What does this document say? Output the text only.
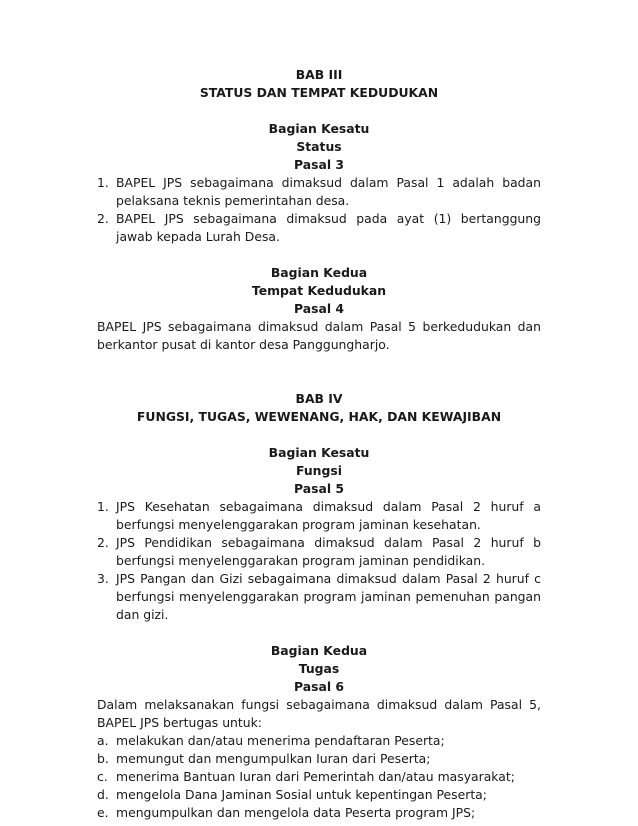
BAB III
STATUS DAN TEMPAT KEDUDUKAN
Bagian Kesatu
Status
Pasal 3
1. BAPEL JPS sebagaimana dimaksud dalam Pasal 1 adalah badan pelaksana teknis pemerintahan desa.
2. BAPEL JPS sebagaimana dimaksud pada ayat (1) bertanggung jawab kepada Lurah Desa.
Bagian Kedua
Tempat Kedudukan
Pasal 4
BAPEL JPS sebagaimana dimaksud dalam Pasal 5 berkedudukan dan berkantor pusat di kantor desa Panggungharjo.
BAB IV
FUNGSI, TUGAS, WEWENANG, HAK, DAN KEWAJIBAN
Bagian Kesatu
Fungsi
Pasal 5
1. JPS Kesehatan sebagaimana dimaksud dalam Pasal 2 huruf a berfungsi menyelenggarakan program jaminan kesehatan.
2. JPS Pendidikan sebagaimana dimaksud dalam Pasal 2 huruf b berfungsi menyelenggarakan program jaminan pendidikan.
3. JPS Pangan dan Gizi sebagaimana dimaksud dalam Pasal 2 huruf c berfungsi menyelenggarakan program jaminan pemenuhan pangan dan gizi.
Bagian Kedua
Tugas
Pasal 6
Dalam melaksanakan fungsi sebagaimana dimaksud dalam Pasal 5, BAPEL JPS bertugas untuk:
a. melakukan dan/atau menerima pendaftaran Peserta;
b. memungut dan mengumpulkan Iuran dari Peserta;
c. menerima Bantuan Iuran dari Pemerintah dan/atau masyarakat;
d. mengelola Dana Jaminan Sosial untuk kepentingan Peserta;
e. mengumpulkan dan mengelola data Peserta program JPS;
